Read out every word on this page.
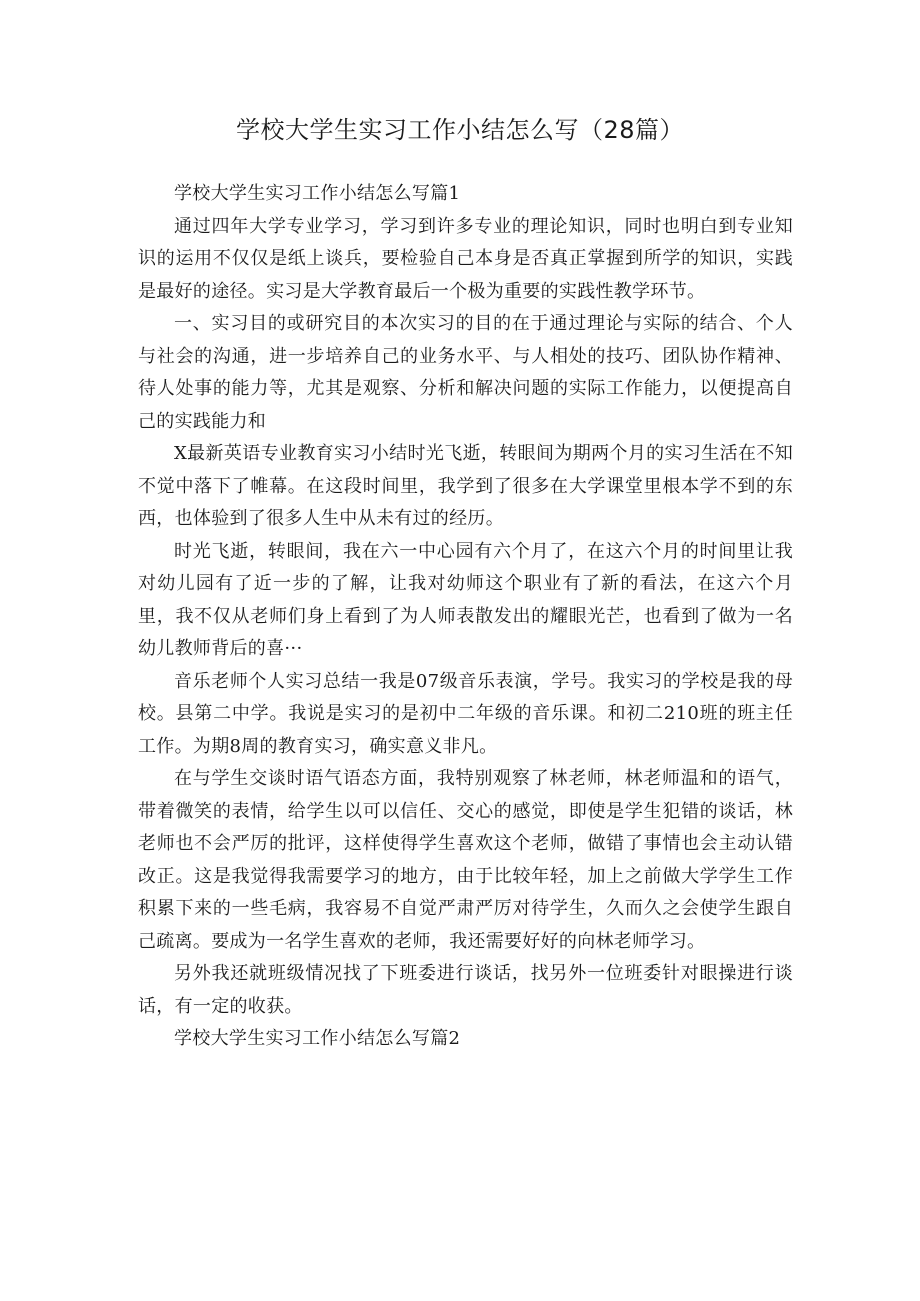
学校大学生实习工作小结怎么写（28篇）

学校大学生实习工作小结怎么写篇1

通过四年大学专业学习，学习到许多专业的理论知识，同时也明白到专业知识的运用不仅仅是纸上谈兵，要检验自己本身是否真正掌握到所学的知识，实践是最好的途径。实习是大学教育最后一个极为重要的实践性教学环节。

一、实习目的或研究目的本次实习的目的在于通过理论与实际的结合、个人与社会的沟通，进一步培养自己的业务水平、与人相处的技巧、团队协作精神、待人处事的能力等，尤其是观察、分析和解决问题的实际工作能力，以便提高自己的实践能力和

X最新英语专业教育实习小结时光飞逝，转眼间为期两个月的实习生活在不知不觉中落下了帷幕。在这段时间里，我学到了很多在大学课堂里根本学不到的东西，也体验到了很多人生中从未有过的经历。

时光飞逝，转眼间，我在六一中心园有六个月了，在这六个月的时间里让我对幼儿园有了近一步的了解，让我对幼师这个职业有了新的看法，在这六个月里，我不仅从老师们身上看到了为人师表散发出的耀眼光芒，也看到了做为一名幼儿教师背后的喜···

音乐老师个人实习总结一我是07级音乐表演，学号。我实习的学校是我的母校。县第二中学。我说是实习的是初中二年级的音乐课。和初二210班的班主任工作。为期8周的教育实习，确实意义非凡。

在与学生交谈时语气语态方面，我特别观察了林老师，林老师温和的语气，带着微笑的表情，给学生以可以信任、交心的感觉，即使是学生犯错的谈话，林老师也不会严厉的批评，这样使得学生喜欢这个老师，做错了事情也会主动认错改正。这是我觉得我需要学习的地方，由于比较年轻，加上之前做大学学生工作积累下来的一些毛病，我容易不自觉严肃严厉对待学生，久而久之会使学生跟自己疏离。要成为一名学生喜欢的老师，我还需要好好的向林老师学习。

另外我还就班级情况找了下班委进行谈话，找另外一位班委针对眼操进行谈话，有一定的收获。

学校大学生实习工作小结怎么写篇2
